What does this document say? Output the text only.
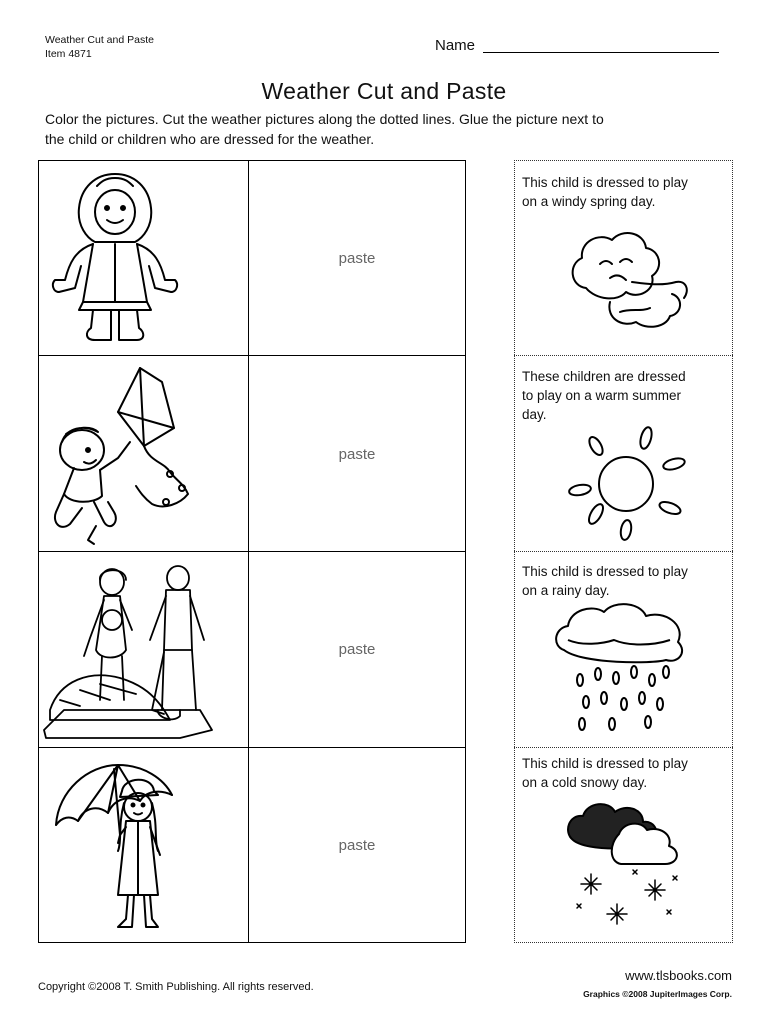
Weather Cut and Paste
Item 4871	Name
Weather Cut and Paste
Color the pictures. Cut the weather pictures along the dotted lines. Glue the picture next to
the child or children who are dressed for the weather.
paste
paste
paste
paste
This child is dressed to play
on a windy spring day.
These children are dressed
to play on a warm summer
day.
This child is dressed to play
on a rainy day.
This child is dressed to play
on a cold snowy day.
Copyright ©2008 T. Smith Publishing. All rights reserved.
www.tlsbooks.com
Graphics ©2008 JupiterImages Corp.
